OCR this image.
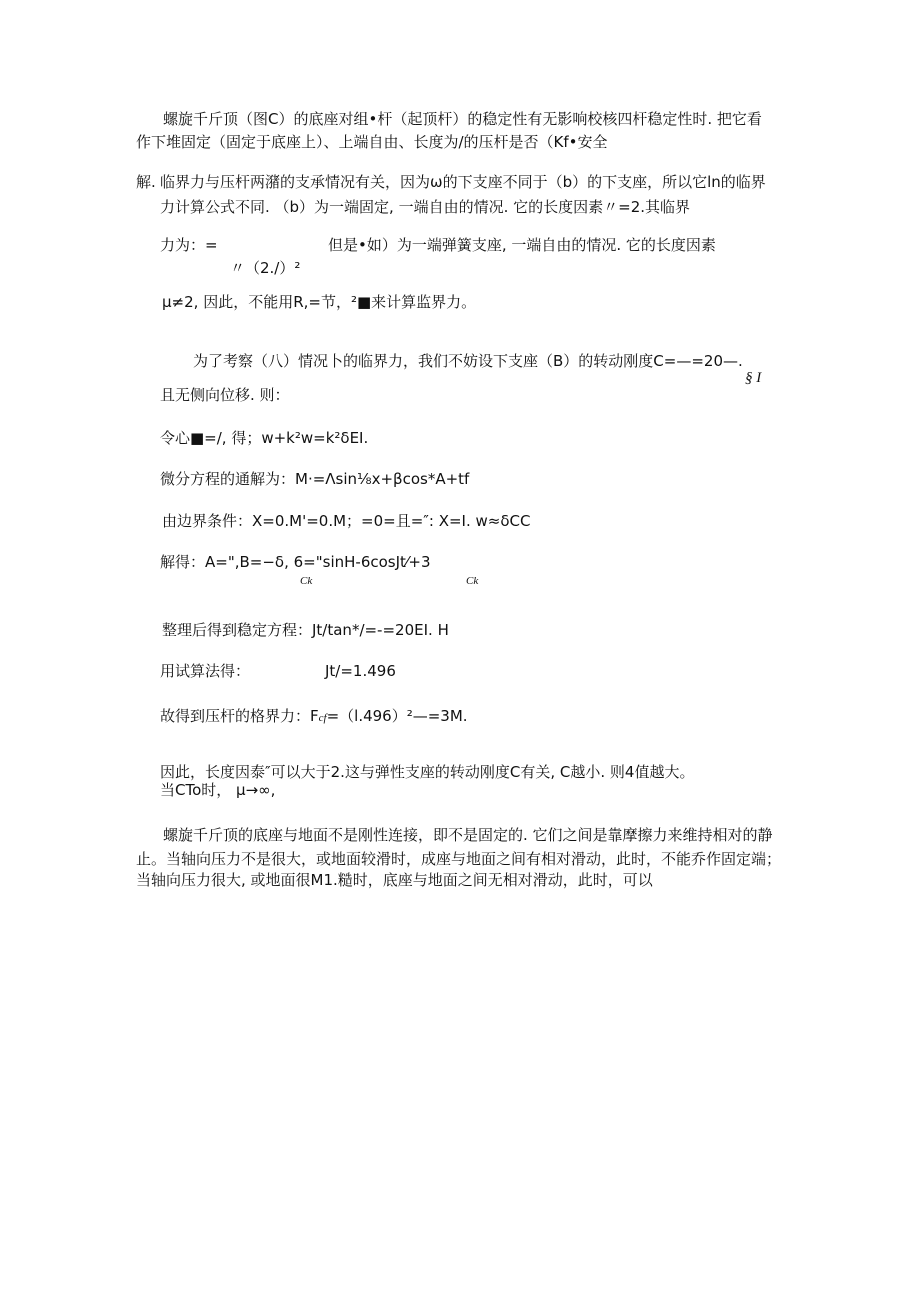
螺旋千斤顶（图C）的底座对组•杆（起顶杆）的稳定性有无影响校核四杆稳定性时. 把它看
作下堆固定（固定于底座上）、上端自由、长度为/的压杆是否（Kf•安全
解. 临界力与压杆两潴的支承情况有关，因为ω的下支座不同于（b）的下支座，所以它ln的临界
力计算公式不同. （b）为一端固定, 一端自由的情况. 它的长度因素〃=2.其临界
力为：=	但是•如）为一端弹簧支座, 一端自由的情况. 它的长度因素
〃（2./）²
μ≠2, 因此，不能用R,=节，²■来计算监界力。
为了考察（八）情况卜的临界力，我们不妨设下支座（B）的转动刚度C=—=20—.
§ I
且无侧向位移. 则：
令心■=/, 得；w+k²w=k²δEI.
微分方程的通解为：M·=Λsin⅛x+βcos*A+tf
由边界条件：X=0.M'=0.M；=0=且=″: X=I. w≈δCC
解得：A=",B=−δ, 6="sinH-6cosJt⁄+3
Ck	Ck
整理后得到稳定方程：Jt/tan*/=-=20EI. H
用试算法得：	Jt/=1.496
故得到压杆的格界力：Fcf=（l.496）²—=3M.
因此，长度因泰″可以大于2.这与弹性支座的转动刚度C有关, C越小. 则4值越大。
当CTo时， μ→∞,
螺旋千斤顶的底座与地面不是刚性连接，即不是固定的. 它们之间是靠摩擦力来维持相对的静
止。当轴向压力不是很大，或地面较滑时，成座与地面之间有相对滑动，此时，不能乔作固定端；
当轴向压力很大, 或地面很M1.糙时，底座与地面之间无相对滑动，此时，可以
